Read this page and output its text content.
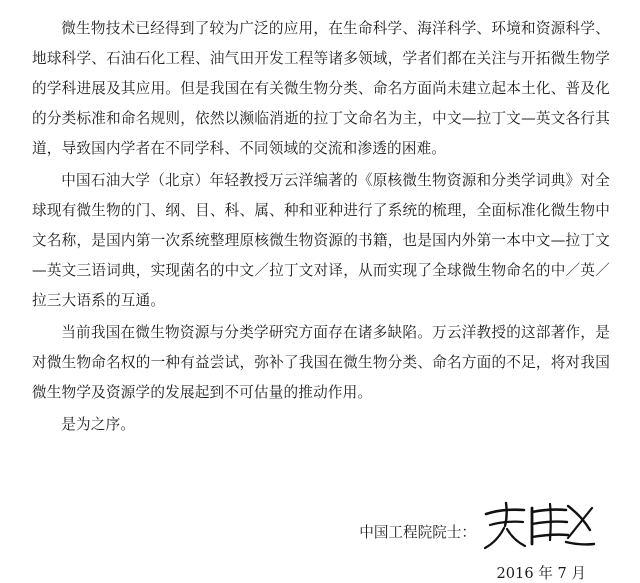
微生物技术已经得到了较为广泛的应用，在生命科学、海洋科学、环境和资源科学、地球科学、石油石化工程、油气田开发工程等诸多领域，学者们都在关注与开拓微生物学的学科进展及其应用。但是我国在有关微生物分类、命名方面尚未建立起本土化、普及化的分类标准和命名规则，依然以濒临消逝的拉丁文命名为主，中文—拉丁文—英文各行其道，导致国内学者在不同学科、不同领域的交流和渗透的困难。

中国石油大学（北京）年轻教授万云洋编著的《原核微生物资源和分类学词典》对全球现有微生物的门、纲、目、科、属、种和亚种进行了系统的梳理，全面标准化微生物中文名称，是国内第一次系统整理原核微生物资源的书籍，也是国内外第一本中文—拉丁文—英文三语词典，实现菌名的中文／拉丁文对译，从而实现了全球微生物命名的中／英／拉三大语系的互通。

当前我国在微生物资源与分类学研究方面存在诸多缺陷。万云洋教授的这部著作，是对微生物命名权的一种有益尝试，弥补了我国在微生物分类、命名方面的不足，将对我国微生物学及资源学的发展起到不可估量的推动作用。

是为之序。

中国工程院院士：
2016 年 7 月
